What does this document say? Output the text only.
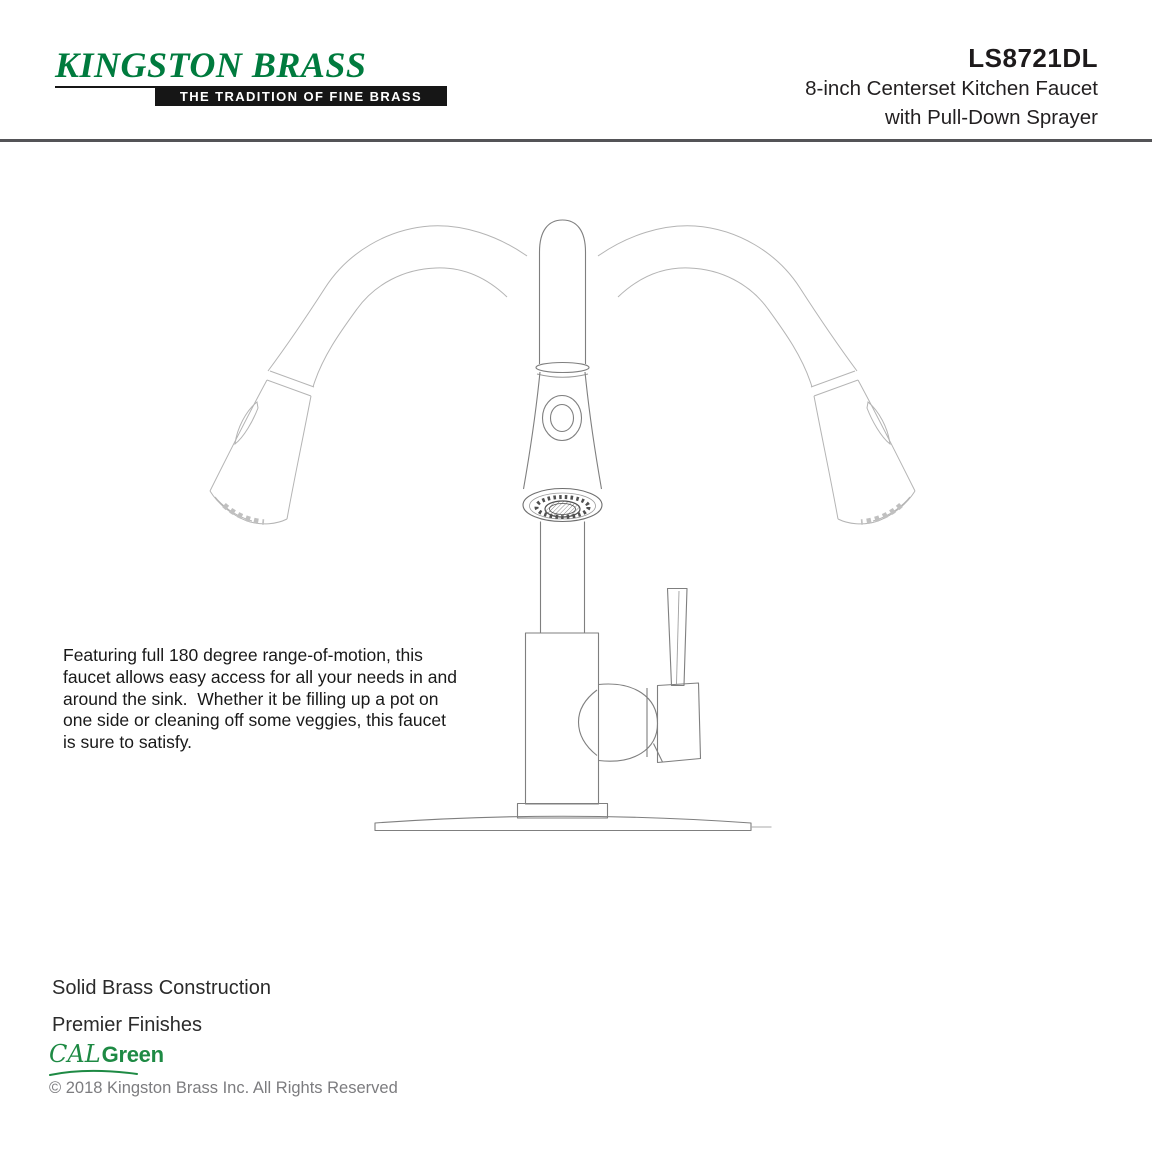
KINGSTON BRASS
THE TRADITION OF FINE BRASS
LS8721DL
8-inch Centerset Kitchen Faucet
with Pull-Down Sprayer
Featuring full 180 degree range-of-motion, this
faucet allows easy access for all your needs in and
around the sink.  Whether it be filling up a pot on
one side or cleaning off some veggies, this faucet
is sure to satisfy.
Solid Brass Construction
Premier Finishes
CAL Green
© 2018 Kingston Brass Inc. All Rights Reserved
